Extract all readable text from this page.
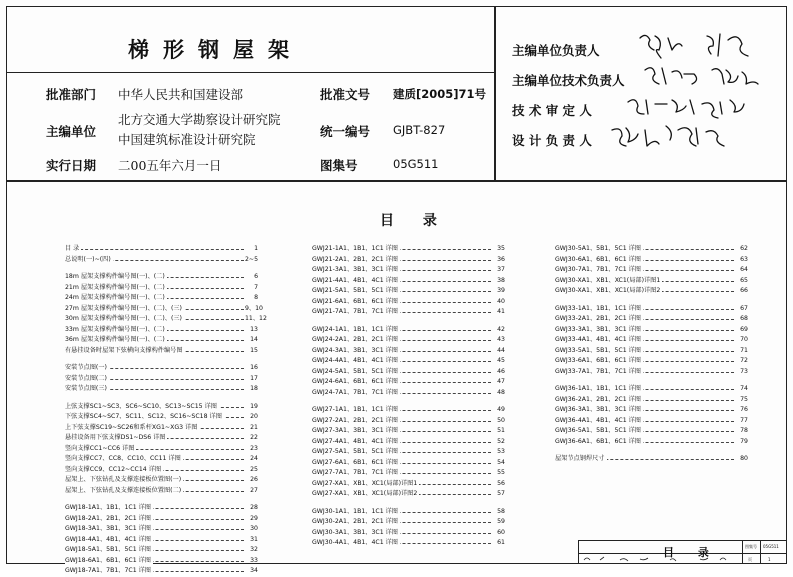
梯形钢屋架
批准部门 中华人民共和国建设部
主编单位
北方交通大学勘察设计研究院
中国建筑标准设计研究院
实行日期 二00五年六月一日
批准文号 建质[2005]71号
统一编号 GJBT-827
图集号	05G511
主编单位负责人
主编单位技术负责人
技 术 审 定 人
设 计 负 责 人
目 录
目 录	1
总说明(一)~(四)	2~5
18m 屋架支撑构件编号图(一)、(二)	6
21m 屋架支撑构件编号图(一)、(二)	7
24m 屋架支撑构件编号图(一)、(二)	8
27m 屋架支撑构件编号图(一)、(二)、(三)	9、10
30m 屋架支撑构件编号图(一)、(二)、(三)	11、12
33m 屋架支撑构件编号图(一)、(二)	13
36m 屋架支撑构件编号图(一)、(二)	14
有悬挂设备时屋架下弦横向支撑构件编号图	15
安装节点图(一)	16
安装节点图(二)	17
安装节点图(三)	18
上弦支撑SC1~SC3、SC6~SC10、SC13~SC15 详图	19
下弦支撑SC4~SC7、SC11、SC12、SC16~SC18 详图	20
上下弦支撑SC19~SC26和系杆XG1~XG3 详图	21
悬挂设备用下弦支撑DS1~DS6 详图	22
竖向支撑CC1~CC6 详图	23
竖向支撑CC7、CC8、CC10、CC11 详图	24
竖向支撑CC9、CC12~CC14 详图	25
屋架上、下弦钻孔及支撑连接板位置图(一)	26
屋架上、下弦钻孔及支撑连接板位置图(二)	27
GWJ18-1A1、1B1、1C1 详图	28
GWJ18-2A1、2B1、2C1 详图	29
GWJ18-3A1、3B1、3C1 详图	30
GWJ18-4A1、4B1、4C1 详图	31
GWJ18-5A1、5B1、5C1 详图	32
GWJ18-6A1、6B1、6C1 详图	33
GWJ18-7A1、7B1、7C1 详图	34
GWJ21-1A1、1B1、1C1 详图	35
GWJ21-2A1、2B1、2C1 详图	36
GWJ21-3A1、3B1、3C1 详图	37
GWJ21-4A1、4B1、4C1 详图	38
GWJ21-5A1、5B1、5C1 详图	39
GWJ21-6A1、6B1、6C1 详图	40
GWJ21-7A1、7B1、7C1 详图	41
GWJ24-1A1、1B1、1C1 详图	42
GWJ24-2A1、2B1、2C1 详图	43
GWJ24-3A1、3B1、3C1 详图	44
GWJ24-4A1、4B1、4C1 详图	45
GWJ24-5A1、5B1、5C1 详图	46
GWJ24-6A1、6B1、6C1 详图	47
GWJ24-7A1、7B1、7C1 详图	48
GWJ27-1A1、1B1、1C1 详图	49
GWJ27-2A1、2B1、2C1 详图	50
GWJ27-3A1、3B1、3C1 详图	51
GWJ27-4A1、4B1、4C1 详图	52
GWJ27-5A1、5B1、5C1 详图	53
GWJ27-6A1、6B1、6C1 详图	54
GWJ27-7A1、7B1、7C1 详图	55
GWJ27-XA1、XB1、XC1(局部)详图1	56
GWJ27-XA1、XB1、XC1(局部)详图2	57
GWJ30-1A1、1B1、1C1 详图	58
GWJ30-2A1、2B1、2C1 详图	59
GWJ30-3A1、3B1、3C1 详图	60
GWJ30-4A1、4B1、4C1 详图	61
GWJ30-5A1、5B1、5C1 详图	62
GWJ30-6A1、6B1、6C1 详图	63
GWJ30-7A1、7B1、7C1 详图	64
GWJ30-XA1、XB1、XC1(局部)详图1	65
GWJ30-XA1、XB1、XC1(局部)详图2	66
GWJ33-1A1、1B1、1C1 详图	67
GWJ33-2A1、2B1、2C1 详图	68
GWJ33-3A1、3B1、3C1 详图	69
GWJ33-4A1、4B1、4C1 详图	70
GWJ33-5A1、5B1、5C1 详图	71
GWJ33-6A1、6B1、6C1 详图	72
GWJ33-7A1、7B1、7C1 详图	73
GWJ36-1A1、1B1、1C1 详图	74
GWJ36-2A1、2B1、2C1 详图	75
GWJ36-3A1、3B1、3C1 详图	76
GWJ36-4A1、4B1、4C1 详图	77
GWJ36-5A1、5B1、5C1 详图	78
GWJ36-6A1、6B1、6C1 详图	79
屋架节点钢焊尺寸	80
目 录	图集号 05G511
页	1
